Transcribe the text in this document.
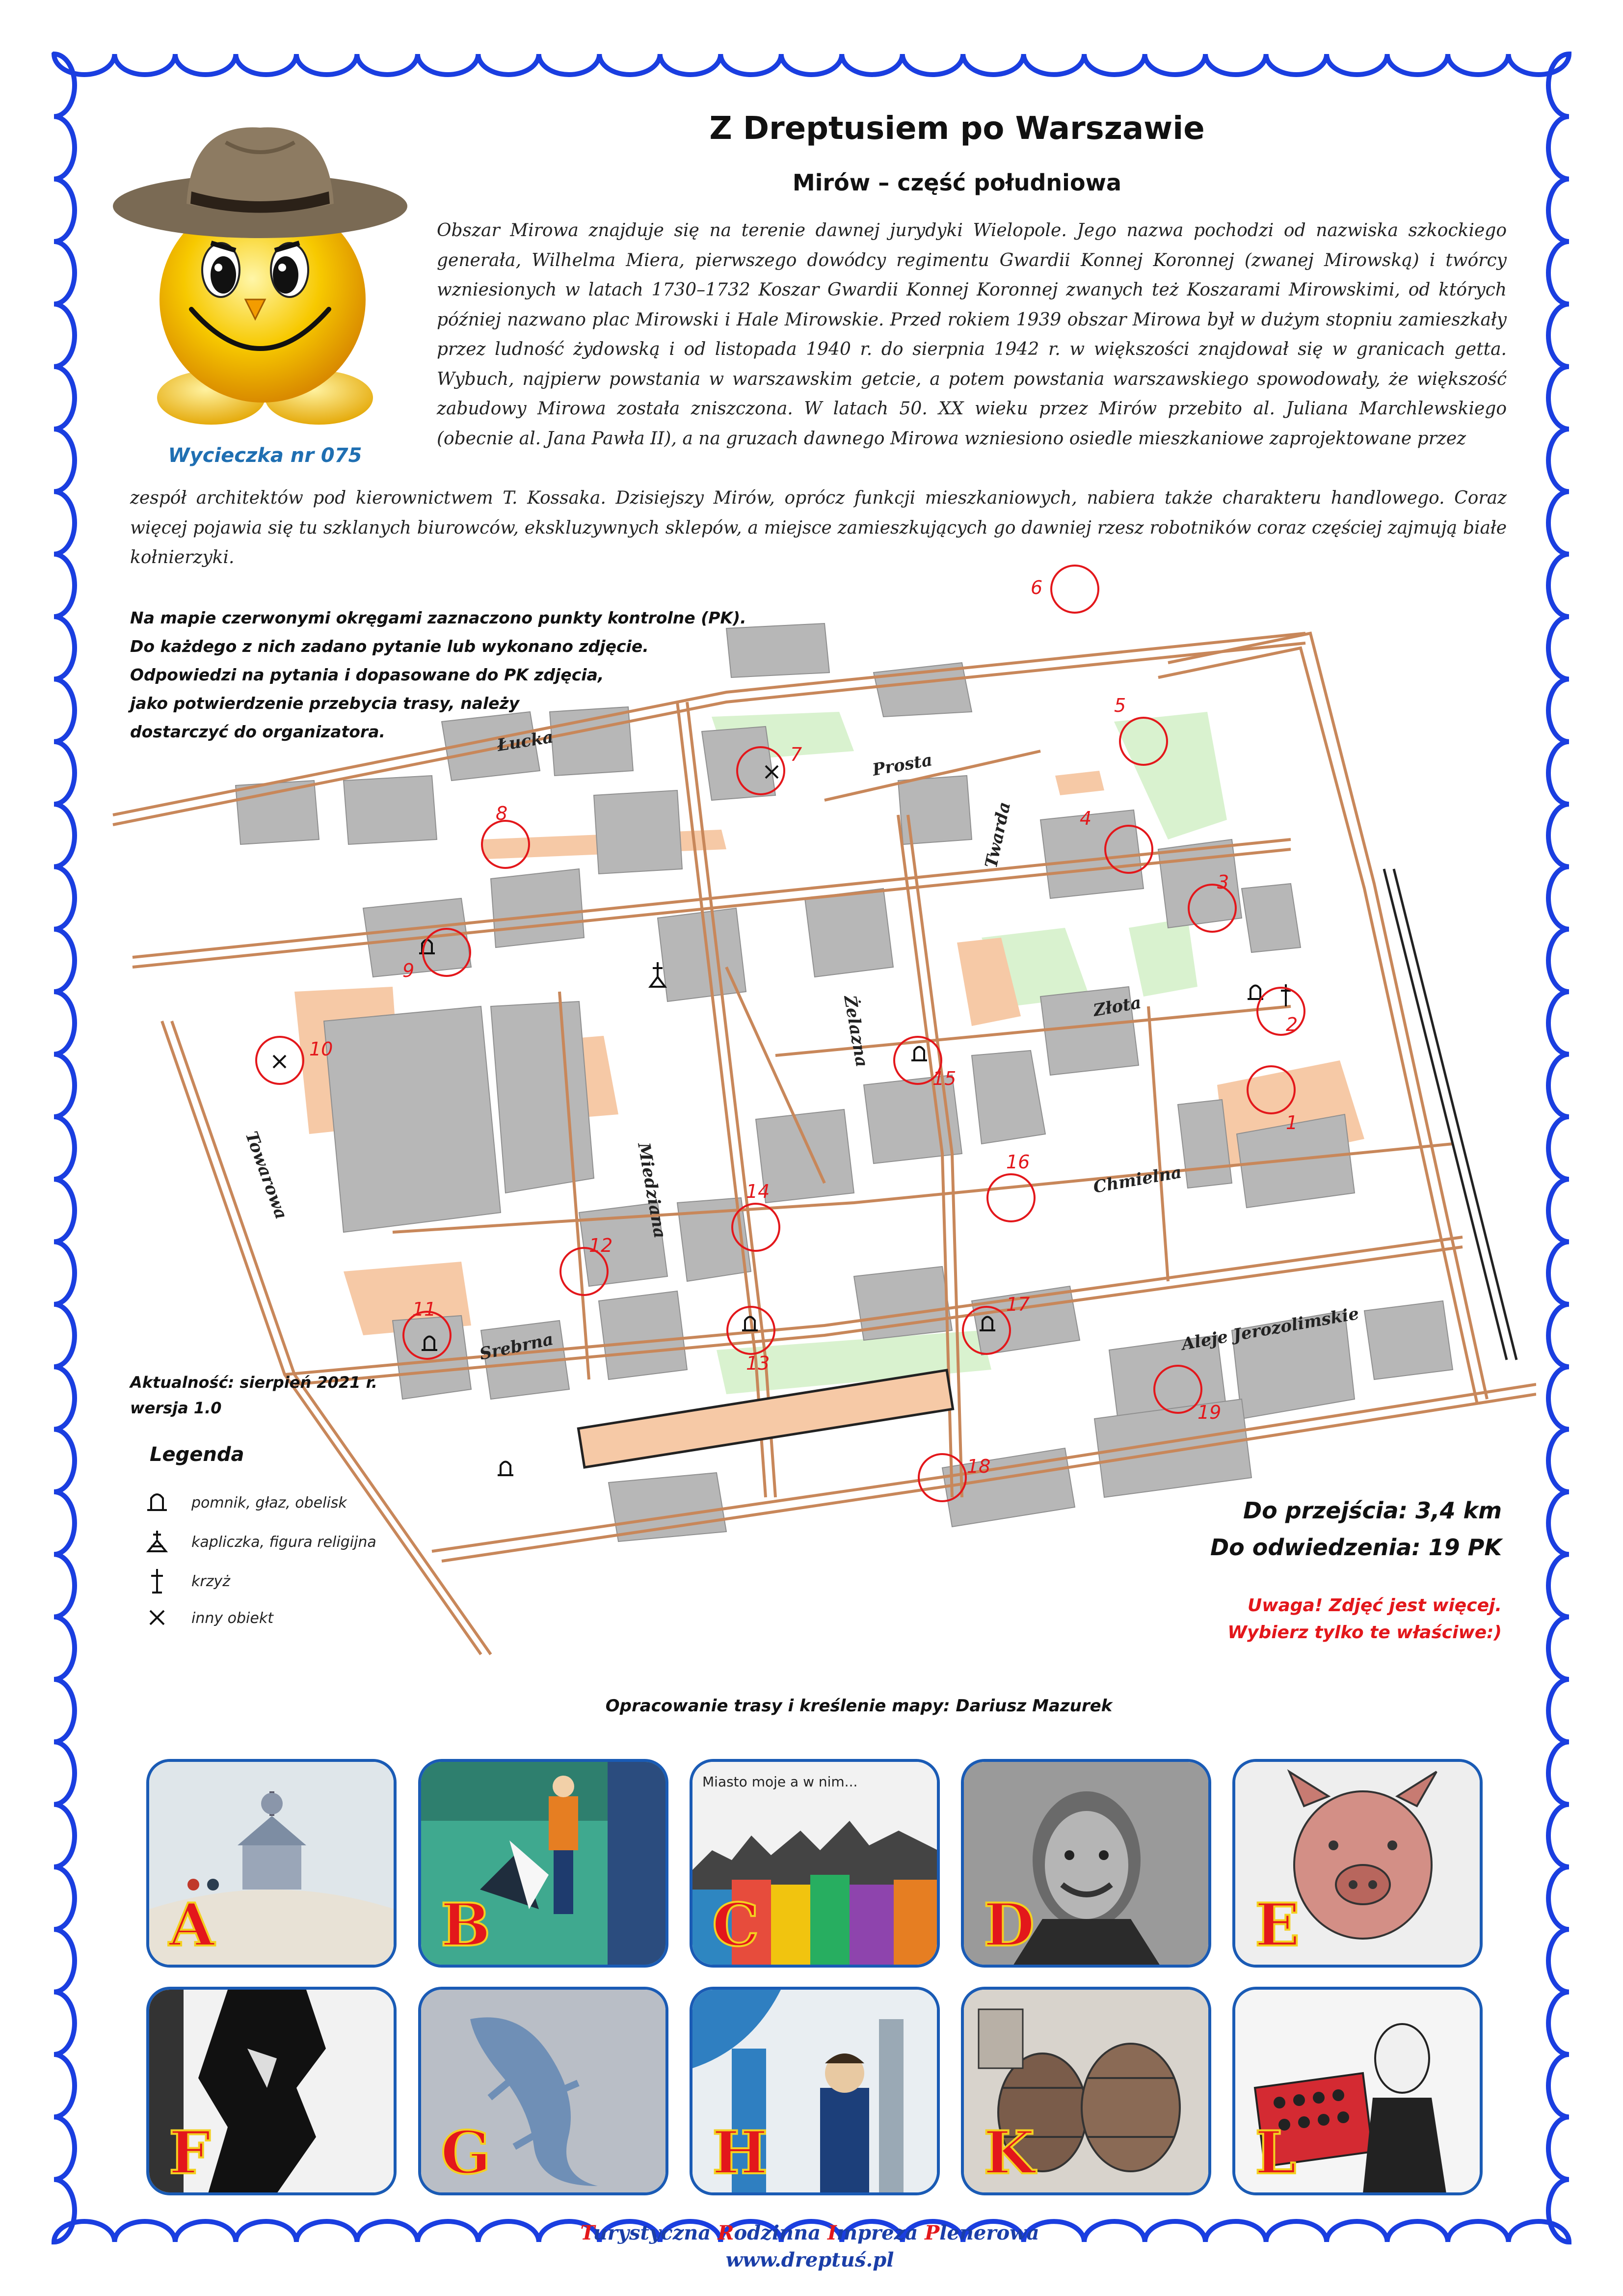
Wycieczka nr 075
Z Dreptusiem po Warszawie
Mirów – część południowa
Obszar Mirowa znajduje się na terenie dawnej jurydyki Wielopole. Jego nazwa pochodzi od nazwiska szkockiego generała, Wilhelma Miera, pierwszego dowódcy regimentu Gwardii Konnej Koronnej (zwanej Mirowską) i twórcy wzniesionych w latach 1730–1732 Koszar Gwardii Konnej Koronnej zwanych też Koszarami Mirowskimi, od których później nazwano plac Mirowski i Hale Mirowskie. Przed rokiem 1939 obszar Mirowa był w dużym stopniu zamieszkały przez ludność żydowską i od listopada 1940 r. do sierpnia 1942 r. w większości znajdował się w granicach getta. Wybuch, najpierw powstania w warszawskim getcie, a potem powstania warszawskiego spowodowały, że większość zabudowy Mirowa została zniszczona. W latach 50. XX wieku przez Mirów przebito al. Juliana Marchlewskiego (obecnie al. Jana Pawła II), a na gruzach dawnego Mirowa wzniesiono osiedle mieszkaniowe zaprojektowane przez
zespół architektów pod kierownictwem T. Kossaka. Dzisiejszy Mirów, oprócz funkcji mieszkaniowych, nabiera także charakteru handlowego. Coraz więcej pojawia się tu szklanych biurowców, ekskluzywnych sklepów, a miejsce zamieszkujących go dawniej rzesz robotników coraz częściej zajmują białe kołnierzyki.
Łucka
Prosta
Twarda
Złota
Żelazna
Chmielna
Miedziana
Towarowa
Srebrna	Aleje Jerozolimskie
1
2
3
4
5
6
7
8
9
10
11
12
13
14
15
16
17
18
19
Na mapie czerwonymi okręgami zaznaczono punkty kontrolne (PK).
Do każdego z nich zadano pytanie lub wykonano zdjęcie.
Odpowiedzi na pytania i dopasowane do PK zdjęcia,
jako potwierdzenie przebycia trasy, należy
dostarczyć do organizatora.
Aktualność: sierpień 2021 r.
wersja 1.0
Legenda
pomnik, głaz, obelisk
kapliczka, figura religijna
krzyż
inny obiekt
Do przejścia: 3,4 km
Do odwiedzenia: 19 PK
Uwaga! Zdjęć jest więcej.
Wybierz tylko te właściwe:)
Opracowanie trasy i kreślenie mapy: Dariusz Mazurek
A	B
Miasto moje a w nim...
C	D	E
F	G	H	K	L
Turystyczna Rodzinna Impreza Plenerowa
www.dreptuś.pl
